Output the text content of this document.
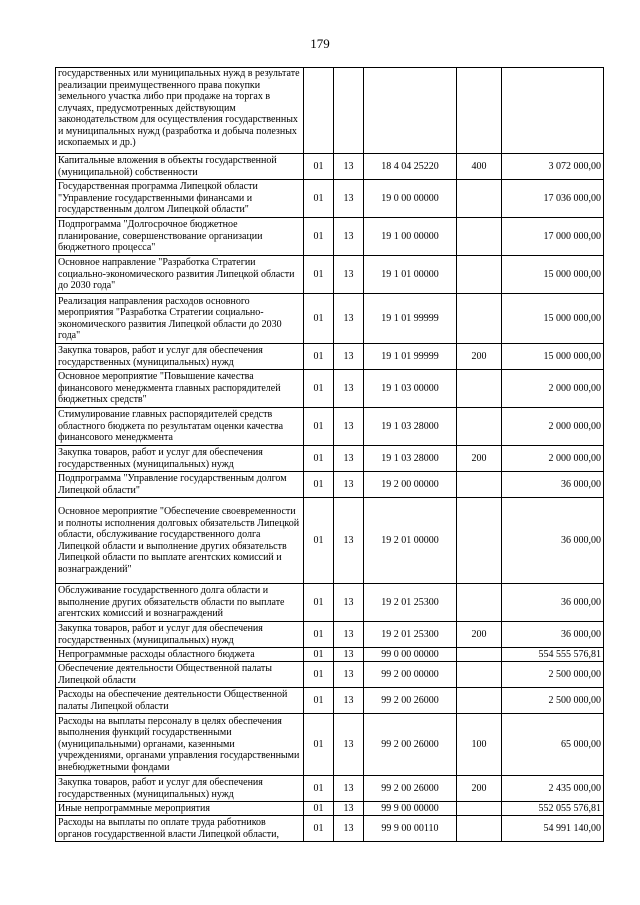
179
государственных или муниципальных нужд в результате реализации преимущественного права покупки земельного участка либо при продаже на торгах в случаях, предусмотренных действующим законодательством для осуществления государственных и муниципальных нужд (разработка и добыча полезных ископаемых и др.)					
Капитальные вложения в объекты государственной (муниципальной) собственности	01	13	18 4 04 25220	400	3 072 000,00
Государственная программа Липецкой области "Управление государственными финансами и государственным долгом Липецкой области"	01	13	19 0 00 00000		17 036 000,00
Подпрограмма "Долгосрочное бюджетное планирование, совершенствование организации бюджетного процесса"	01	13	19 1 00 00000		17 000 000,00
Основное направление "Разработка Стратегии социально-экономического развития Липецкой области до 2030 года"	01	13	19 1 01 00000		15 000 000,00
Реализация направления расходов основного мероприятия "Разработка Стратегии социально-экономического развития Липецкой области до 2030 года"	01	13	19 1 01 99999		15 000 000,00
Закупка товаров, работ и услуг для обеспечения государственных (муниципальных) нужд	01	13	19 1 01 99999	200	15 000 000,00
Основное мероприятие "Повышение качества финансового менеджмента главных распорядителей бюджетных средств"	01	13	19 1 03 00000		2 000 000,00
Стимулирование главных распорядителей средств областного бюджета по результатам оценки качества финансового менеджмента	01	13	19 1 03 28000		2 000 000,00
Закупка товаров, работ и услуг для обеспечения государственных (муниципальных) нужд	01	13	19 1 03 28000	200	2 000 000,00
Подпрограмма "Управление государственным долгом Липецкой области"	01	13	19 2 00 00000		36 000,00
Основное мероприятие "Обеспечение своевременности и полноты исполнения долговых обязательств Липецкой области, обслуживание государственного долга Липецкой области и выполнение других обязательств Липецкой области по выплате агентских комиссий и вознаграждений"	01	13	19 2 01 00000		36 000,00
Обслуживание государственного долга области и выполнение других обязательств области по выплате агентских комиссий и вознаграждений	01	13	19 2 01 25300		36 000,00
Закупка товаров, работ и услуг для обеспечения государственных (муниципальных) нужд	01	13	19 2 01 25300	200	36 000,00
Непрограммные расходы областного бюджета	01	13	99 0 00 00000		554 555 576,81
Обеспечение деятельности Общественной палаты Липецкой области	01	13	99 2 00 00000		2 500 000,00
Расходы на обеспечение деятельности Общественной палаты Липецкой области	01	13	99 2 00 26000		2 500 000,00
Расходы на выплаты персоналу в целях обеспечения выполнения функций государственными (муниципальными) органами, казенными учреждениями, органами управления государственными внебюджетными фондами	01	13	99 2 00 26000	100	65 000,00
Закупка товаров, работ и услуг для обеспечения государственных (муниципальных) нужд	01	13	99 2 00 26000	200	2 435 000,00
Иные непрограммные мероприятия	01	13	99 9 00 00000		552 055 576,81
Расходы на выплаты по оплате труда работников органов государственной власти Липецкой области,	01	13	99 9 00 00110		54 991 140,00
